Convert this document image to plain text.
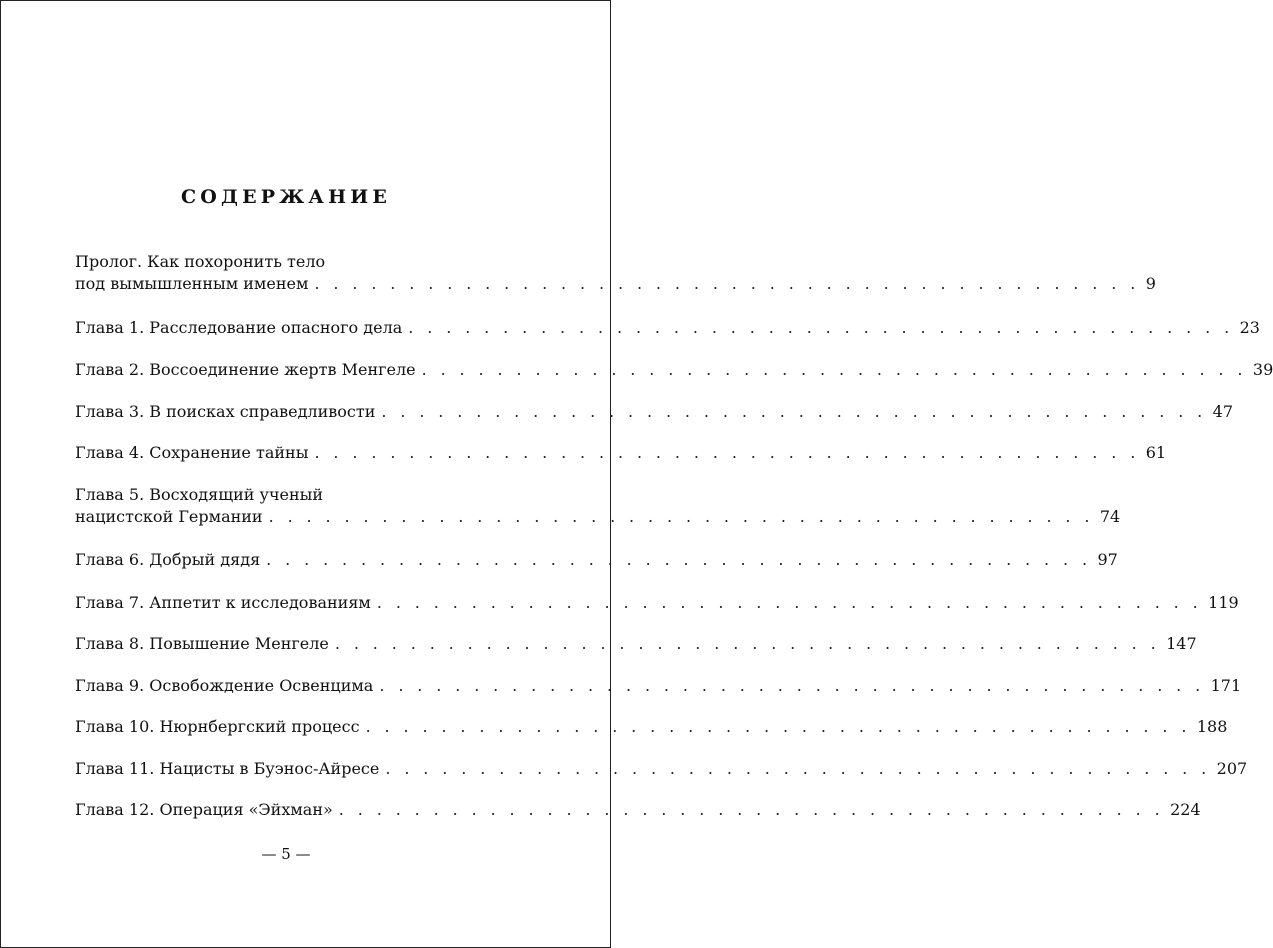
СОДЕРЖАНИЕ
Пролог. Как похоронить тело
под вымышленным именем . . . . . . . . . . . . . . . . . . . . . . . . . . . . . . . . . . . . . . . . . . . . 9
Глава 1. Расследование опасного дела . . . . . . . . . . . . . . . . . . . . . . . . . . . . . . . . . . . . . . . . . . . . 23
Глава 2. Воссоединение жертв Менгеле . . . . . . . . . . . . . . . . . . . . . . . . . . . . . . . . . . . . . . . . . . . . 39
Глава 3. В поисках справедливости . . . . . . . . . . . . . . . . . . . . . . . . . . . . . . . . . . . . . . . . . . . . 47
Глава 4. Сохранение тайны . . . . . . . . . . . . . . . . . . . . . . . . . . . . . . . . . . . . . . . . . . . . 61
Глава 5. Восходящий ученый
нацистской Германии . . . . . . . . . . . . . . . . . . . . . . . . . . . . . . . . . . . . . . . . . . . . 74
Глава 6. Добрый дядя . . . . . . . . . . . . . . . . . . . . . . . . . . . . . . . . . . . . . . . . . . . . 97
Глава 7. Аппетит к исследованиям . . . . . . . . . . . . . . . . . . . . . . . . . . . . . . . . . . . . . . . . . . . . 119
Глава 8. Повышение Менгеле . . . . . . . . . . . . . . . . . . . . . . . . . . . . . . . . . . . . . . . . . . . . 147
Глава 9. Освобождение Освенцима . . . . . . . . . . . . . . . . . . . . . . . . . . . . . . . . . . . . . . . . . . . . 171
Глава 10. Нюрнбергский процесс . . . . . . . . . . . . . . . . . . . . . . . . . . . . . . . . . . . . . . . . . . . . 188
Глава 11. Нацисты в Буэнос-Айресе . . . . . . . . . . . . . . . . . . . . . . . . . . . . . . . . . . . . . . . . . . . . 207
Глава 12. Операция «Эйхман» . . . . . . . . . . . . . . . . . . . . . . . . . . . . . . . . . . . . . . . . . . . . 224
— 5 —
